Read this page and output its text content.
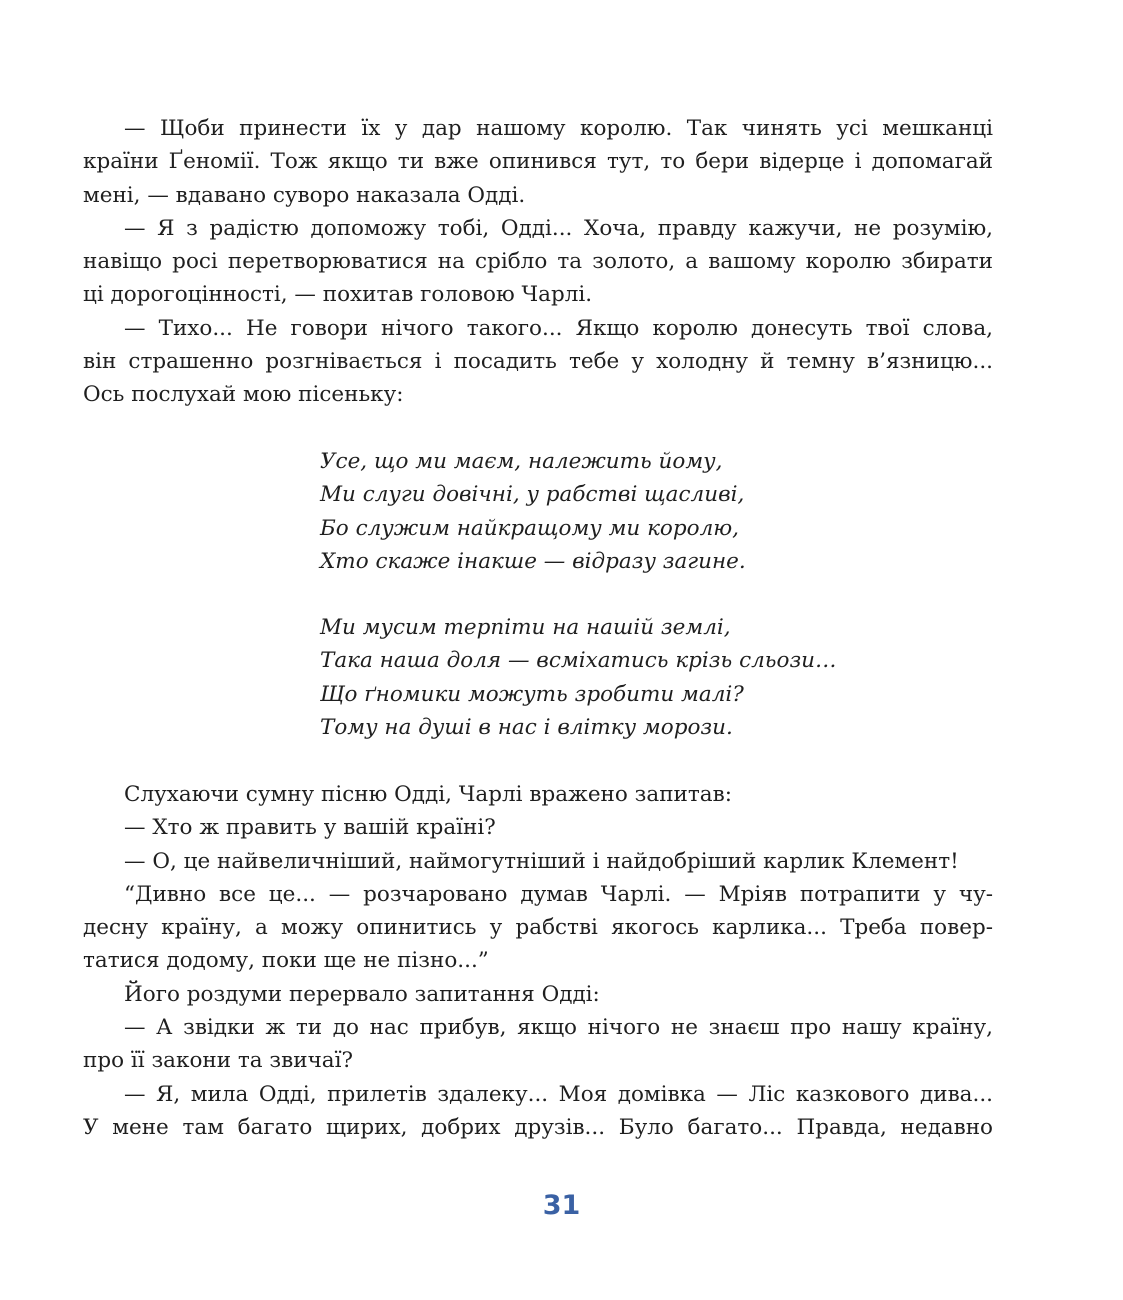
— Щоби принести їх у дар нашому королю. Так чинять усі мешканці
країни Ґеномії. Тож якщо ти вже опинився тут, то бери відерце і допомагай
мені, — вдавано суворо наказала Одді.
— Я з радістю допоможу тобі, Одді... Хоча, правду кажучи, не розумію,
навіщо росі перетворюватися на срібло та золото, а вашому королю збирати
ці дорогоцінності, — похитав головою Чарлі.
— Тихо... Не говори нічого такого... Якщо королю донесуть твої слова,
він страшенно розгнівається і посадить тебе у холодну й темну в’язницю...
Ось послухай мою пісеньку:
Усе, що ми маєм, належить йому,
Ми слуги довічні, у рабстві щасливі,
Бо служим найкращому ми королю,
Хто скаже інакше — відразу загине.
Ми мусим терпіти на нашій землі,
Така наша доля — всміхатись крізь сльози…
Що ґномики можуть зробити малі?
Тому на душі в нас і влітку морози.
Слухаючи сумну пісню Одді, Чарлі вражено запитав:
— Хто ж править у вашій країні?
— О, це найвеличніший, наймогутніший і найдобріший карлик Клемент!
“Дивно все це... — розчаровано думав Чарлі. — Мріяв потрапити у чу-
десну країну, а можу опинитись у рабстві якогось карлика... Треба повер-
татися додому, поки ще не пізно...”
Його роздуми перервало запитання Одді:
— А звідки ж ти до нас прибув, якщо нічого не знаєш про нашу країну,
про її закони та звичаї?
— Я, мила Одді, прилетів здалеку... Моя домівка — Ліс казкового дива...
У мене там багато щирих, добрих друзів... Було багато... Правда, недавно
31
